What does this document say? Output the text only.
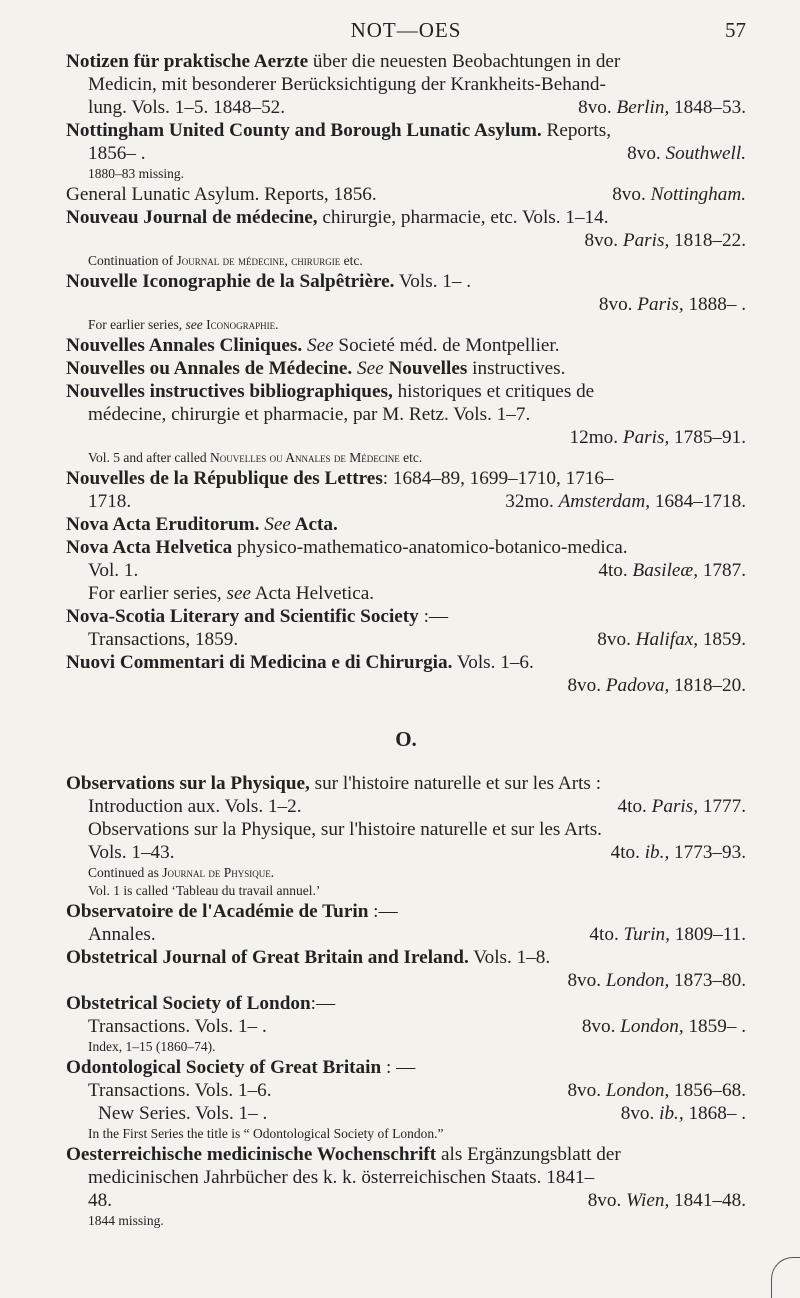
NOT—OES	57
Notizen für praktische Aerzte über die neuesten Beobachtungen in der
Medicin, mit besonderer Berücksichtigung der Krankheits-Behand-
lung. Vols. 1–5. 1848–52.	8vo. Berlin, 1848–53.
Nottingham United County and Borough Lunatic Asylum. Reports,
1856– .	8vo. Southwell.
1880–83 missing.
General Lunatic Asylum. Reports, 1856.	8vo. Nottingham.
Nouveau Journal de médecine, chirurgie, pharmacie, etc. Vols. 1–14.
8vo. Paris, 1818–22.
Continuation of Journal de médecine, chirurgie etc.
Nouvelle Iconographie de la Salpêtrière. Vols. 1– .
8vo. Paris, 1888– .
For earlier series, see Iconographie.
Nouvelles Annales Cliniques. See Societé méd. de Montpellier.
Nouvelles ou Annales de Médecine. See Nouvelles instructives.
Nouvelles instructives bibliographiques, historiques et critiques de
médecine, chirurgie et pharmacie, par M. Retz. Vols. 1–7.
12mo. Paris, 1785–91.
Vol. 5 and after called Nouvelles ou Annales de Médecine etc.
Nouvelles de la République des Lettres: 1684–89, 1699–1710, 1716–
1718.	32mo. Amsterdam, 1684–1718.
Nova Acta Eruditorum. See Acta.
Nova Acta Helvetica physico-mathematico-anatomico-botanico-medica.
Vol. 1.	4to. Basileæ, 1787.
For earlier series, see Acta Helvetica.
Nova-Scotia Literary and Scientific Society :—
Transactions, 1859.	8vo. Halifax, 1859.
Nuovi Commentari di Medicina e di Chirurgia. Vols. 1–6.
8vo. Padova, 1818–20.
O.
Observations sur la Physique, sur l'histoire naturelle et sur les Arts :
Introduction aux. Vols. 1–2.	4to. Paris, 1777.
Observations sur la Physique, sur l'histoire naturelle et sur les Arts.
Vols. 1–43.	4to. ib., 1773–93.
Continued as Journal de Physique.
Vol. 1 is called ‘Tableau du travail annuel.’
Observatoire de l'Académie de Turin :—
Annales.	4to. Turin, 1809–11.
Obstetrical Journal of Great Britain and Ireland. Vols. 1–8.
8vo. London, 1873–80.
Obstetrical Society of London:—
Transactions. Vols. 1– .	8vo. London, 1859– .
Index, 1–15 (1860–74).
Odontological Society of Great Britain : —
Transactions. Vols. 1–6.	8vo. London, 1856–68.
New Series. Vols. 1– .	8vo. ib., 1868– .
In the First Series the title is “ Odontological Society of London.”
Oesterreichische medicinische Wochenschrift als Ergänzungsblatt der
medicinischen Jahrbücher des k. k. österreichischen Staats. 1841–
48.	8vo. Wien, 1841–48.
1844 missing.
